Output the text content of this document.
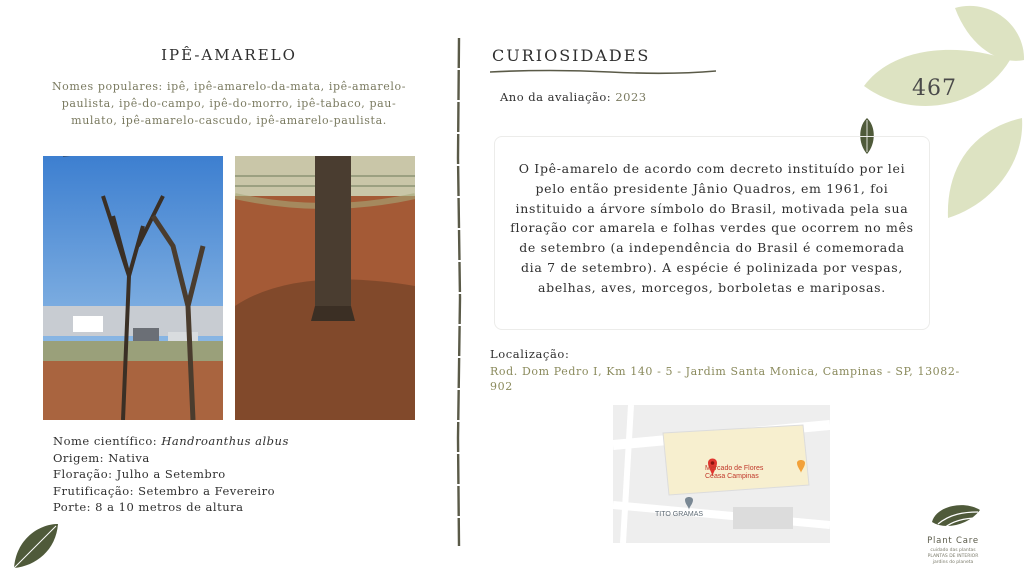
IPÊ-AMARELO
Nomes populares: ipê, ipê-amarelo-da-mata, ipê-amarelo-paulista, ipê-do-campo, ipê-do-morro, ipê-tabaco, pau-mulato, ipê-amarelo-cascudo, ipê-amarelo-paulista.
Nome científico: Handroanthus albus
Origem: Nativa
Floração: Julho a Setembro
Frutificação: Setembro a Fevereiro
Porte: 8 a 10 metros de altura
CURIOSIDADES
Ano da avaliação: 2023	467
O Ipê-amarelo de acordo com decreto instituído por lei pelo então presidente Jânio Quadros, em 1961, foi instituido a árvore símbolo do Brasil, motivada pela sua floração cor amarela e folhas verdes que ocorrem no mês de setembro (a independência do Brasil é comemorada dia 7 de setembro). A espécie é polinizada por vespas, abelhas, aves, morcegos, borboletas e mariposas.
Localização:
Rod. Dom Pedro I, Km 140 - 5 - Jardim Santa Monica, Campinas - SP, 13082-902
Mercado de Flores
Ceasa Campinas
TITO GRAMAS
Plant Care
cuidado das plantas
PLANTAS DE INTERIOR
jardins do planeta
